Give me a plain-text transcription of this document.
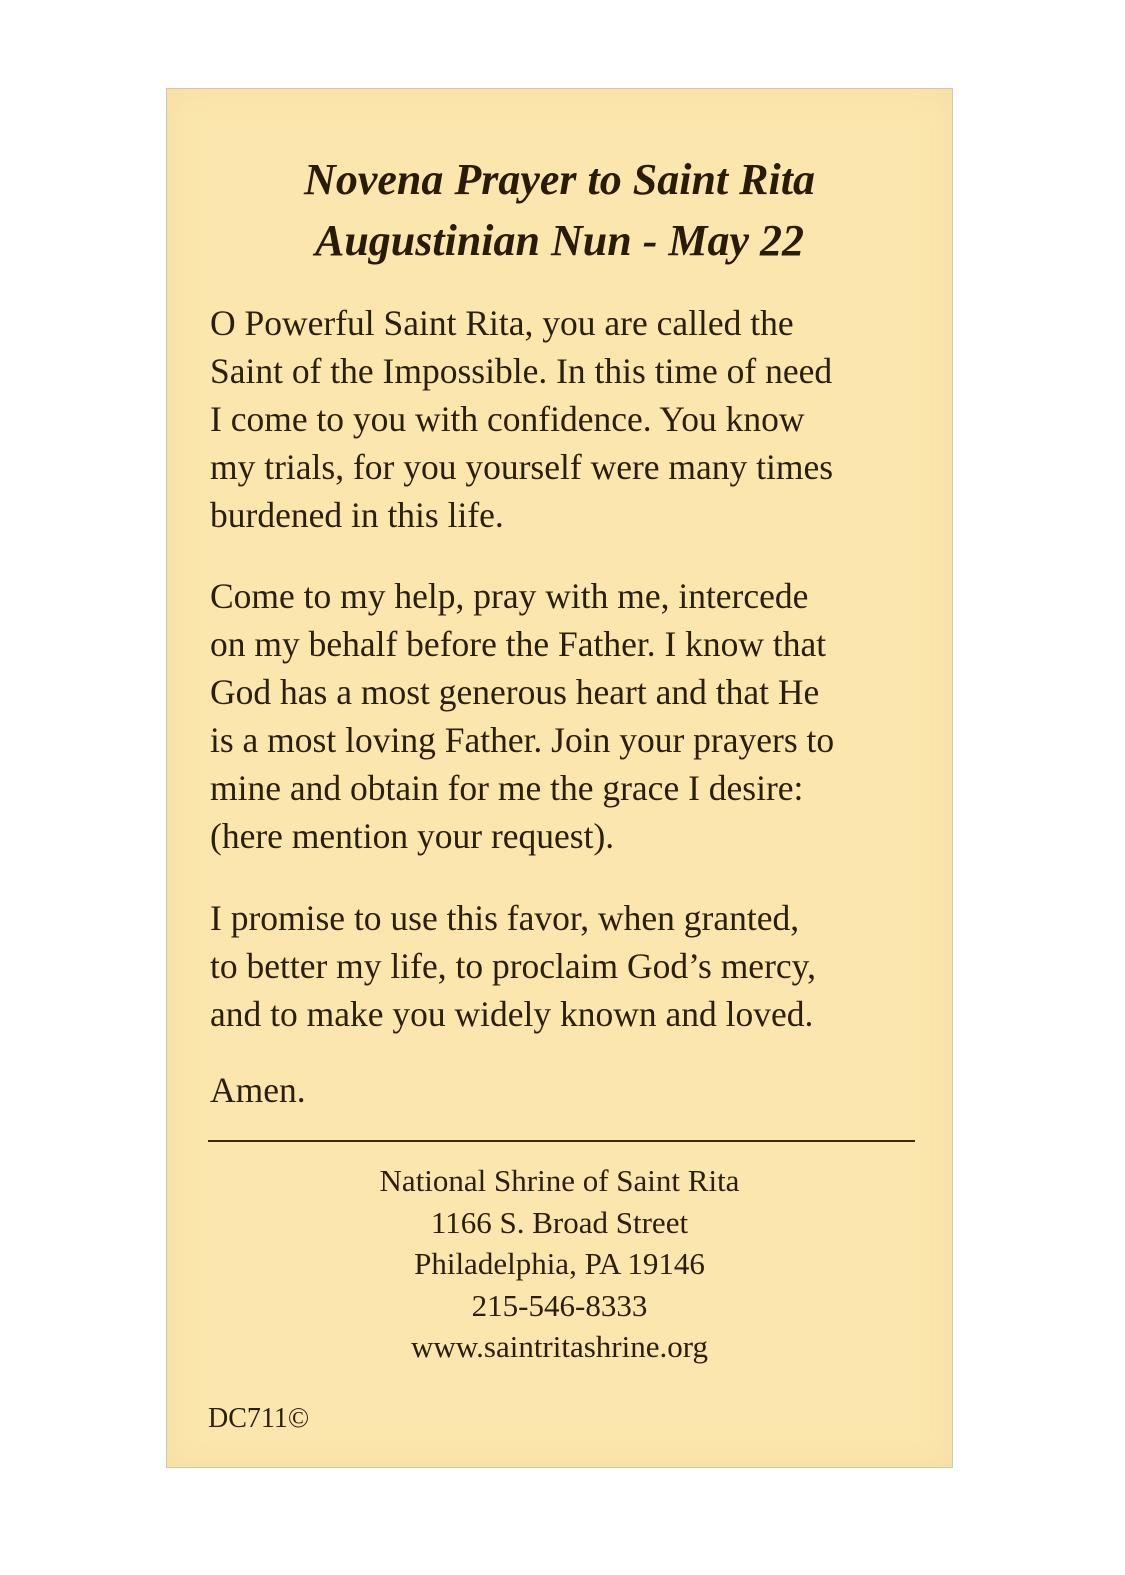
Novena Prayer to Saint Rita
Augustinian Nun - May 22
O Powerful Saint Rita, you are called the
Saint of the Impossible. In this time of need
I come to you with confidence. You know
my trials, for you yourself were many times
burdened in this life.
Come to my help, pray with me, intercede
on my behalf before the Father. I know that
God has a most generous heart and that He
is a most loving Father. Join your prayers to
mine and obtain for me the grace I desire:
(here mention your request).
I promise to use this favor, when granted,
to better my life, to proclaim God’s mercy,
and to make you widely known and loved.
Amen.
National Shrine of Saint Rita
1166 S. Broad Street
Philadelphia, PA 19146
215-546-8333
www.saintritashrine.org
DC711©
